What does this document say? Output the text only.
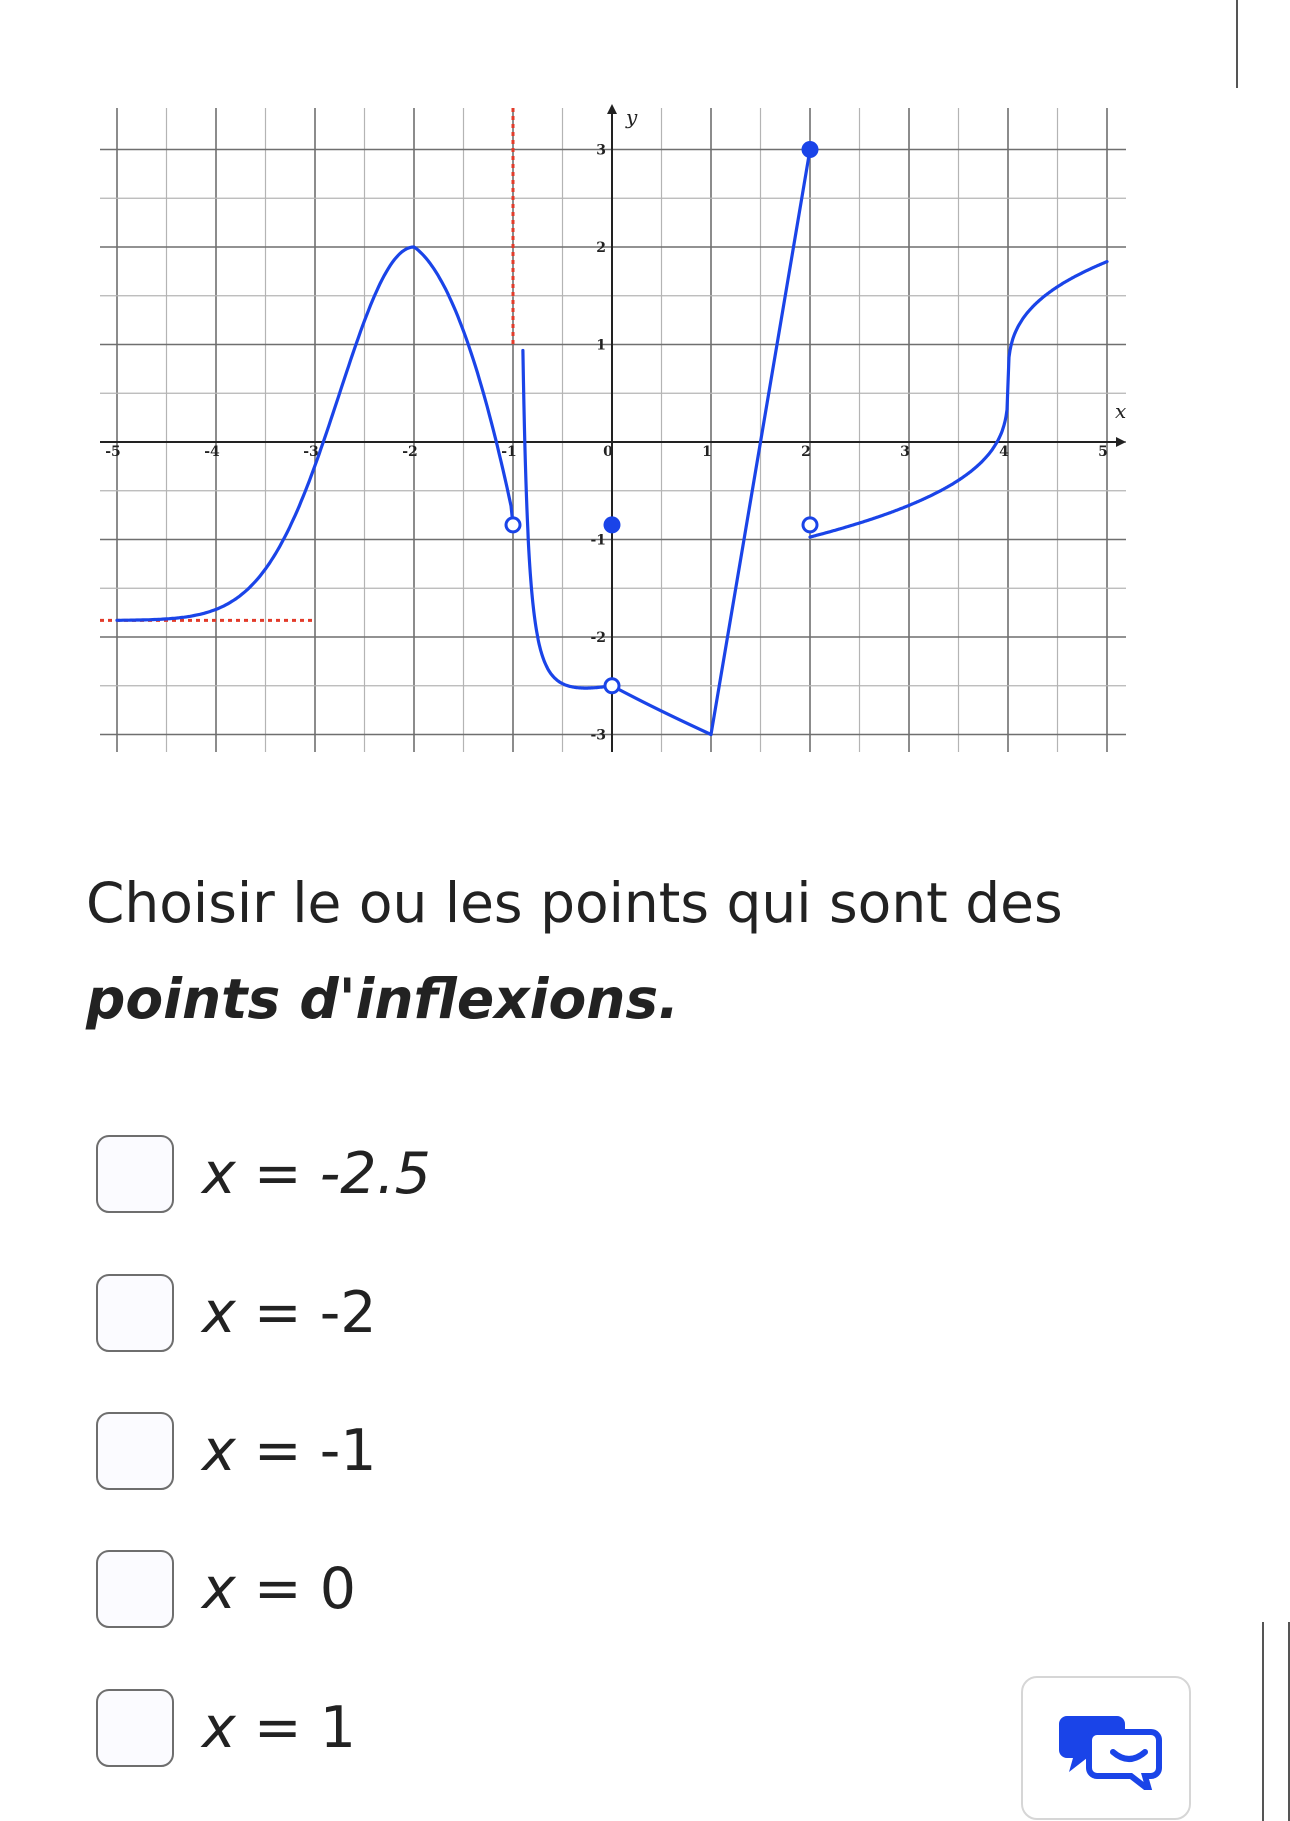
-5	-4	-3	-2	-1	0	1	2	3	4	5
3
2
1
-1
-2
-3
x
y
Choisir le ou les points qui sont des
points d'inflexions.
x = -2.5
x = -2
x = -1
x = 0
x = 1
